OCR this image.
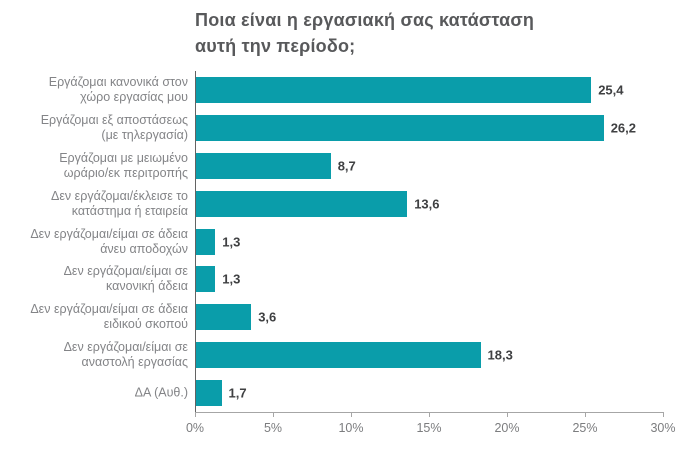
Ποια είναι η εργασιακή σας κατάσταση
αυτή την περίοδο;
Εργάζομαι κανονικά στον
χώρο εργασίας μου	25,4
Εργάζομαι εξ αποστάσεως
(με τηλεργασία)	26,2
Εργάζομαι με μειωμένο
ωράριο/εκ περιτροπής	8,7
Δεν εργάζομαι/έκλεισε το
κατάστημα ή εταιρεία	13,6
Δεν εργάζομαι/είμαι σε άδεια
άνευ αποδοχών	1,3
Δεν εργάζομαι/είμαι σε
κανονική άδεια	1,3
Δεν εργάζομαι/είμαι σε άδεια
ειδικού σκοπού	3,6
Δεν εργάζομαι/είμαι σε
αναστολή εργασίας	18,3
ΔΑ (Αυθ.)	1,7
0%	5%	10%	15%	20%	25%	30%
